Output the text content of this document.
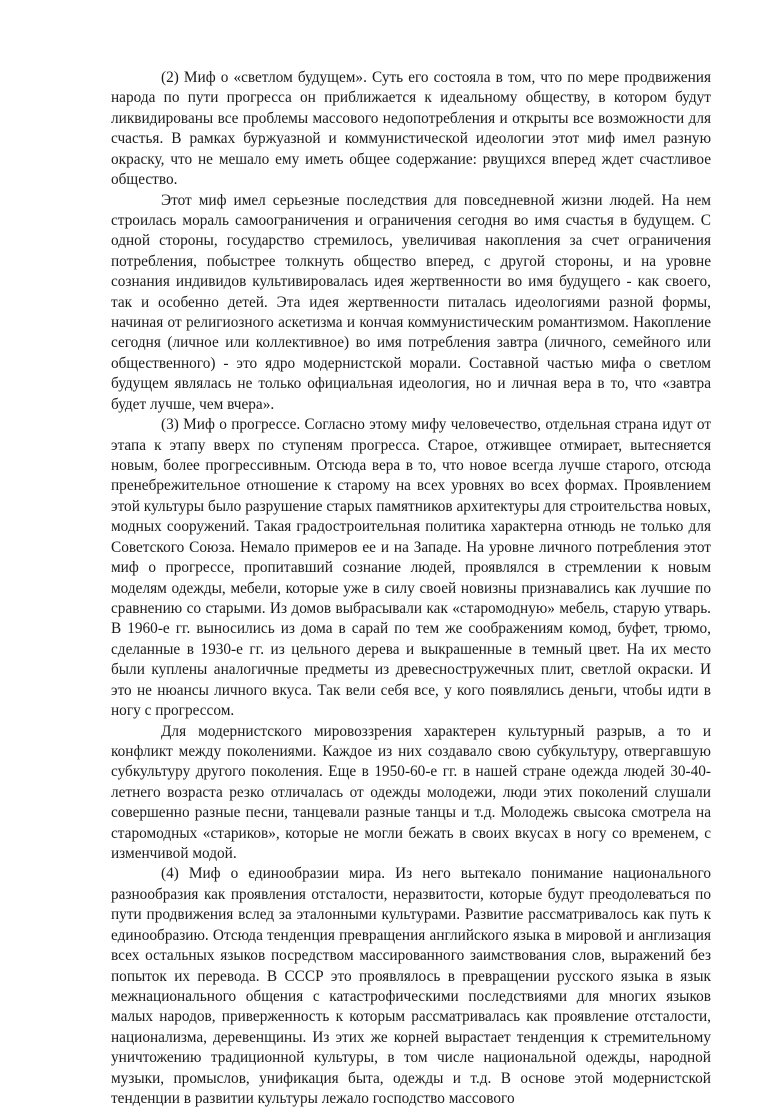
(2) Миф о «светлом будущем». Суть его состояла в том, что по мере продвижения народа по пути прогресса он приближается к идеальному обществу, в котором будут ликвидированы все проблемы массового недопотребления и открыты все возможности для счастья. В рамках буржуазной и коммунистической идеологии этот миф имел разную окраску, что не мешало ему иметь общее содержание: рвущихся вперед ждет счастливое общество.

Этот миф имел серьезные последствия для повседневной жизни людей. На нем строилась мораль самоограничения и ограничения сегодня во имя счастья в будущем. С одной стороны, государство стремилось, увеличивая накопления за счет ограничения потребления, побыстрее толкнуть общество вперед, с другой стороны, и на уровне сознания индивидов культивировалась идея жертвенности во имя будущего - как своего, так и особенно детей. Эта идея жертвенности питалась идеологиями разной формы, начиная от религиозного аскетизма и кончая коммунистическим романтизмом. Накопление сегодня (личное или коллективное) во имя потребления завтра (личного, семейного или общественного) - это ядро модернистской морали. Составной частью мифа о светлом будущем являлась не только официальная идеология, но и личная вера в то, что «завтра будет лучше, чем вчера».

(3) Миф о прогрессе. Согласно этому мифу человечество, отдельная страна идут от этапа к этапу вверх по ступеням прогресса. Старое, отживщее отмирает, вытесняется новым, более прогрессивным. Отсюда вера в то, что новое всегда лучше старого, отсюда пренебрежительное отношение к старому на всех уровнях во всех формах. Проявлением этой культуры было разрушение старых памятников архитектуры для строительства новых, модных сооружений. Такая градостроительная политика характерна отнюдь не только для Советского Союза. Немало примеров ее и на Западе. На уровне личного потребления этот миф о прогрессе, пропитавший сознание людей, проявлялся в стремлении к новым моделям одежды, мебели, которые уже в силу своей новизны признавались как лучшие по сравнению со старыми. Из домов выбрасывали как «старомодную» мебель, старую утварь. В 1960-е гг. выносились из дома в сарай по тем же соображениям комод, буфет, трюмо, сделанные в 1930-е гг. из цельного дерева и выкрашенные в темный цвет. На их место были куплены аналогичные предметы из древесностружечных плит, светлой окраски. И это не нюансы личного вкуса. Так вели себя все, у кого появлялись деньги, чтобы идти в ногу с прогрессом.

Для модернистского мировоззрения характерен культурный разрыв, а то и конфликт между поколениями. Каждое из них создавало свою субкультуру, отвергавшую субкультуру другого поколения. Еще в 1950-60-е гг. в нашей стране одежда людей 30-40-летнего возраста резко отличалась от одежды молодежи, люди этих поколений слушали совершенно разные песни, танцевали разные танцы и т.д. Молодежь свысока смотрела на старомодных «стариков», которые не могли бежать в своих вкусах в ногу со временем, с изменчивой модой.

(4) Миф о единообразии мира. Из него вытекало понимание национального разнообразия как проявления отсталости, неразвитости, которые будут преодолеваться по пути продвижения вслед за эталонными культурами. Развитие рассматривалось как путь к единообразию. Отсюда тенденция превращения английского языка в мировой и англизация всех остальных языков посредством массированного заимствования слов, выражений без попыток их перевода. В СССР это проявлялось в превращении русского языка в язык межнационального общения с катастрофическими последствиями для многих языков малых народов, приверженность к которым рассматривалась как проявление отсталости, национализма, деревенщины. Из этих же корней вырастает тенденция к стремительному уничтожению традиционной культуры, в том числе национальной одежды, народной музыки, промыслов, унификация быта, одежды и т.д. В основе этой модернистской тенденции в развитии культуры лежало господство массового
